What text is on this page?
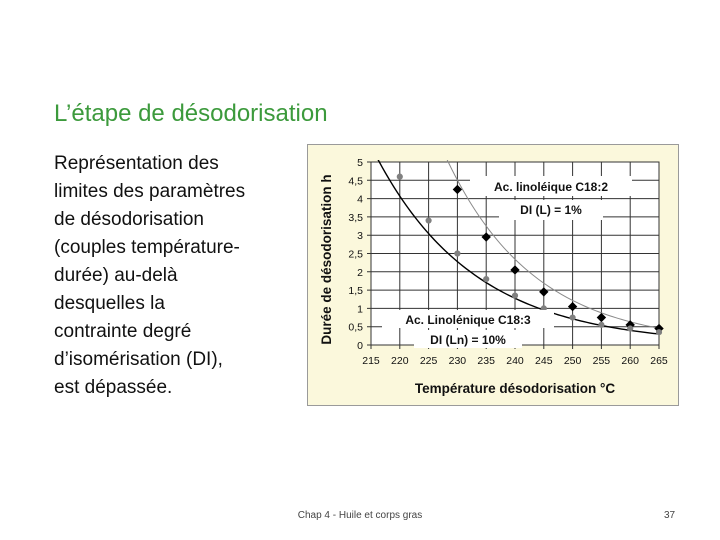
L’étape de désodorisation
Représentation des
limites des paramètres
de désodorisation
(couples température-
durée) au-delà
desquelles la
contrainte degré
d’isomérisation (DI),
est dépassée.
0
0,5
1
1,5
2
2,5
3
3,5
4
4,5
5
215 220 225 230 235 240 245 250 255 260 265
Température désodorisation °C
Durée de désodorisation h	Ac. linoléique C18:2
DI (L) = 1%
Ac. Linolénique C18:3
DI (Ln) = 10%
Chap 4 - Huile et corps gras	37
